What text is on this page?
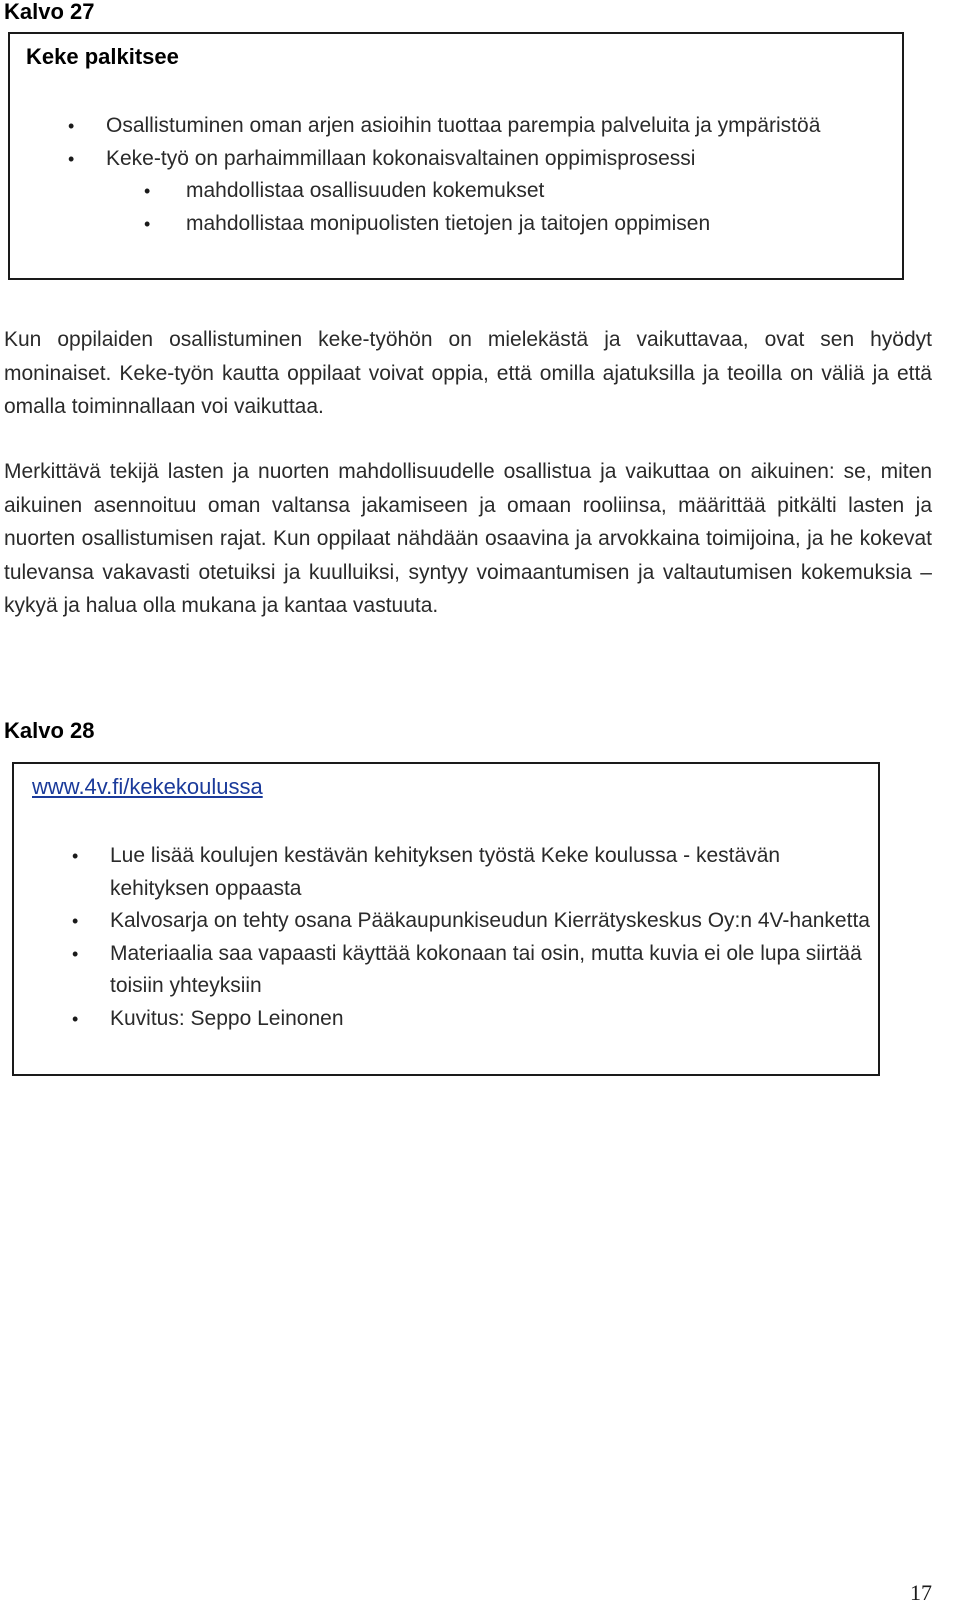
Kalvo 27
Keke palkitsee
• Osallistuminen oman arjen asioihin tuottaa parempia palveluita ja ympäristöä
• Keke-työ on parhaimmillaan kokonaisvaltainen oppimisprosessi
• mahdollistaa osallisuuden kokemukset
• mahdollistaa monipuolisten tietojen ja taitojen oppimisen

Kun oppilaiden osallistuminen keke-työhön on mielekästä ja vaikuttavaa, ovat sen hyödyt moninaiset. Keke-työn kautta oppilaat voivat oppia, että omilla ajatuksilla ja teoilla on väliä ja että omalla toiminnallaan voi vaikuttaa.

Merkittävä tekijä lasten ja nuorten mahdollisuudelle osallistua ja vaikuttaa on aikuinen: se, miten aikuinen asennoituu oman valtansa jakamiseen ja omaan rooliinsa, määrittää pitkälti lasten ja nuorten osallistumisen rajat. Kun oppilaat nähdään osaavina ja arvokkaina toimijoina, ja he kokevat tulevansa vakavasti otetuiksi ja kuulluiksi, syntyy voimaantumisen ja valtautumisen kokemuksia – kykyä ja halua olla mukana ja kantaa vastuuta.

Kalvo 28
www.4v.fi/kekekoulussa
• Lue lisää koulujen kestävän kehityksen työstä Keke koulussa - kestävän kehityksen oppaasta
• Kalvosarja on tehty osana Pääkaupunkiseudun Kierrätyskeskus Oy:n 4V-hanketta
• Materiaalia saa vapaasti käyttää kokonaan tai osin, mutta kuvia ei ole lupa siirtää toisiin yhteyksiin
• Kuvitus: Seppo Leinonen
17
